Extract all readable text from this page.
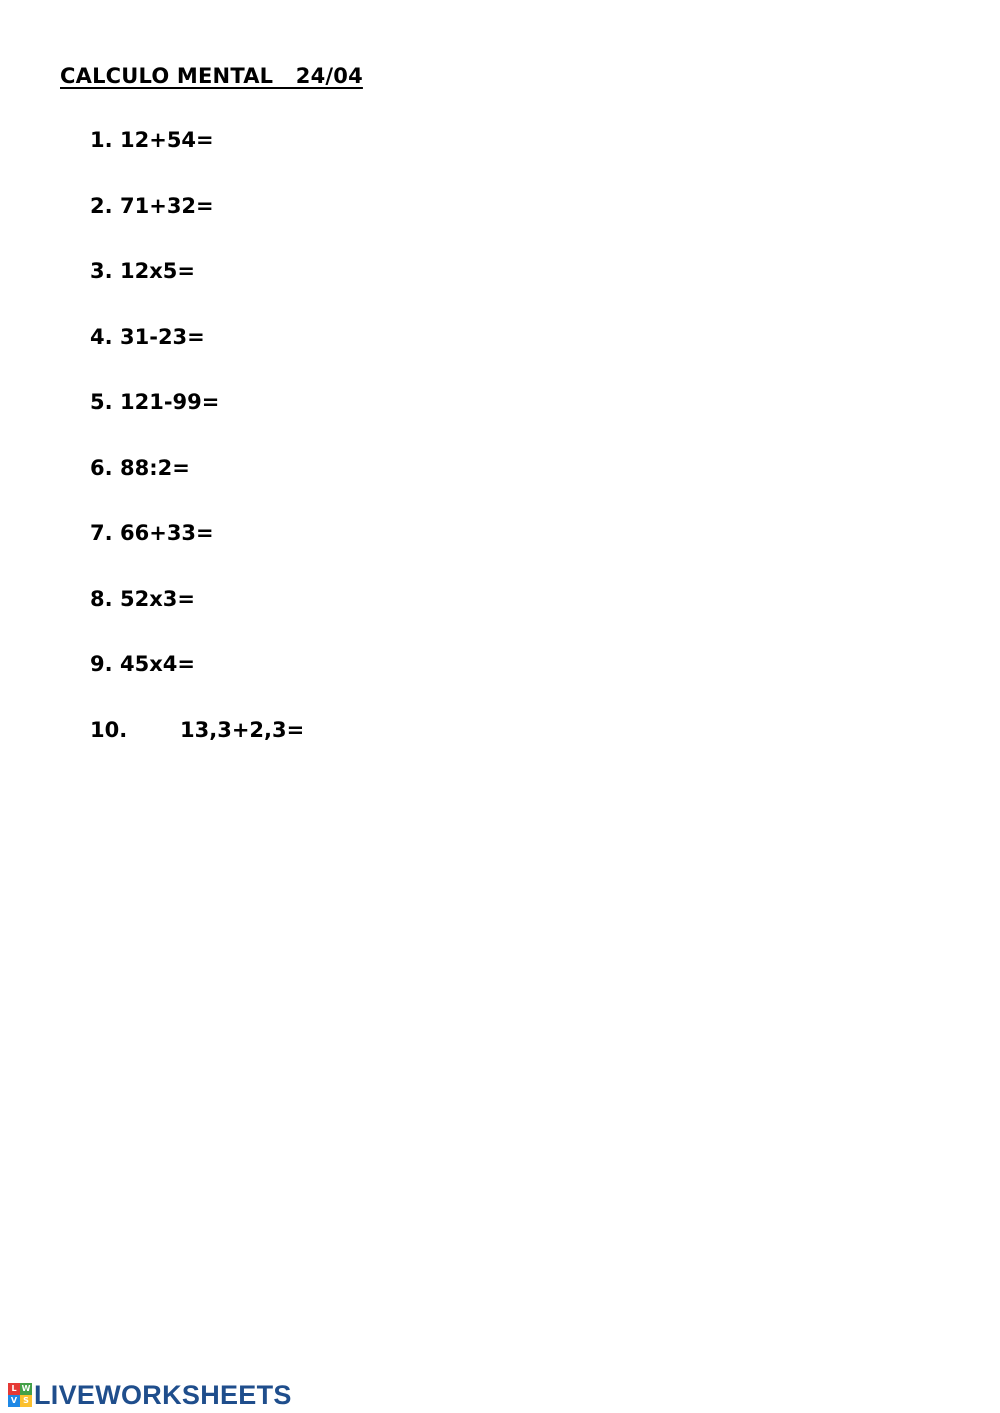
CALCULO MENTAL   24/04
1. 12+54=
2. 71+32=
3. 12x5=
4. 31-23=
5. 121-99=
6. 88:2=
7. 66+33=
8. 52x3=
9. 45x4=
10.	13,3+2,3=
L W
V S LIVEWORKSHEETS
